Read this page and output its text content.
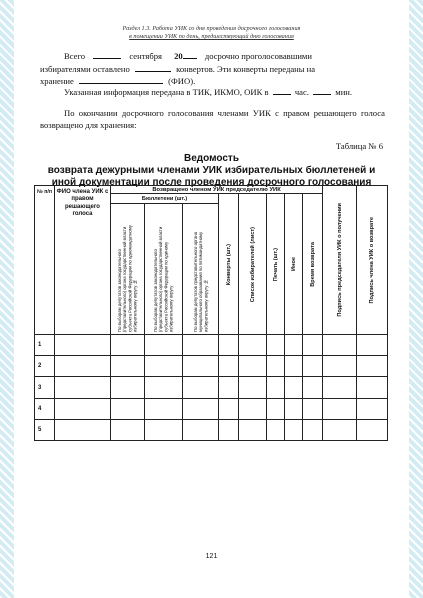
Раздел 1.3. Работа УИК со дня проведения досрочного голосования
в помещении УИК по день, предшествующий дню голосования
Всего	сентября 20	досрочно проголосовавшими
избирателями оставлено	конвертов. Эти конверты переданы на
хранение	(ФИО).
Указанная информация передана в ТИК, ИКМО, ОИК в	час.	мин.
По окончании досрочного голосования членами УИК с правом решающего голоса возвращено для хранения:
Таблица № 6
Ведомость
возврата дежурными членами УИК избирательных бюллетеней и
иной документации после проведения досрочного голосования
№ п/п	ФИО члена УИК с правом решающего голоса	Возвращено членом УИК председателю УИК								Подпись председателя УИК о получении	Подпись члена УИК о возврате

		Бюллетени (шт.)			Конверты (шт.)	Список избирателей (лист)	Печать (шт.)	Иное	Время возврата		

		По выборам депутатов законодательного (представительного) органа государственной власти субъекта Российской Федерации по одномандатному избирательному округу №	По выборам депутатов законодательного (представительного) органа государственной власти субъекта Российской Федерации по единому избирательному округу	По выборам депутатов представительного органа муниципального образования по пятимандатному избирательному округу №							

1											
2											
3											
4											
5											
121
